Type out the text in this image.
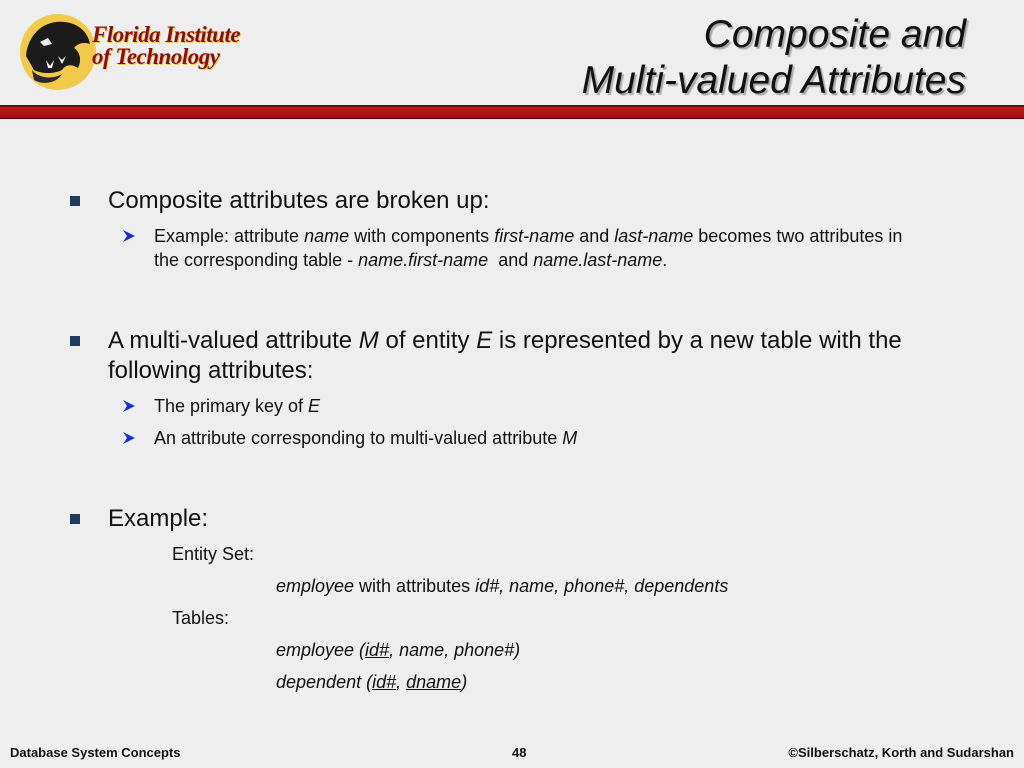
Florida Institute
of Technology
Composite and
Multi-valued Attributes
Composite attributes are broken up:
Example: attribute name with components first-name and last-name becomes two attributes in
the corresponding table - name.first-name  and name.last-name.
A multi-valued attribute M of entity E is represented by a new table with the
following attributes:
The primary key of E
An attribute corresponding to multi-valued attribute M
Example:
Entity Set:
employee with attributes id#, name, phone#, dependents
Tables:
employee (id#, name, phone#)
dependent (id#, dname)
Database System Concepts	48	©Silberschatz, Korth and Sudarshan
